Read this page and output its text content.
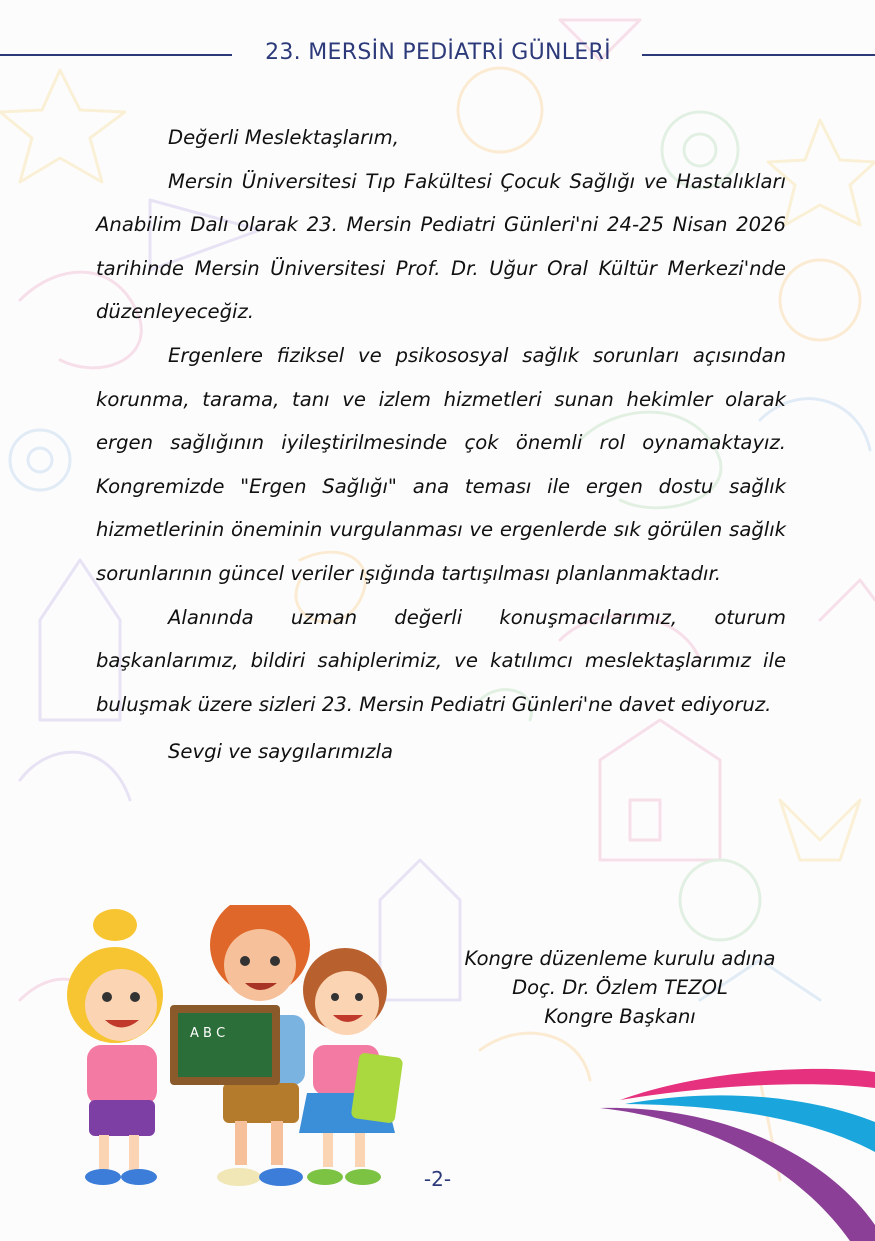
23. MERSİN PEDİATRİ GÜNLERİ

Değerli Meslektaşlarım,

Mersin Üniversitesi Tıp Fakültesi Çocuk Sağlığı ve Hastalıkları Anabilim Dalı olarak 23. Mersin Pediatri Günleri'ni 24-25 Nisan 2026 tarihinde Mersin Üniversitesi Prof. Dr. Uğur Oral Kültür Merkezi'nde düzenleyeceğiz.

Ergenlere fiziksel ve psikososyal sağlık sorunları açısından korunma, tarama, tanı ve izlem hizmetleri sunan hekimler olarak ergen sağlığının iyileştirilmesinde çok önemli rol oynamaktayız. Kongremizde "Ergen Sağlığı" ana teması ile ergen dostu sağlık hizmetlerinin öneminin vurgulanması ve ergenlerde sık görülen sağlık sorunlarının güncel veriler ışığında tartışılması planlanmaktadır.

Alanında uzman değerli konuşmacılarımız, oturum başkanlarımız, bildiri sahiplerimiz, ve katılımcı meslektaşlarımız ile buluşmak üzere sizleri 23. Mersin Pediatri Günleri'ne davet ediyoruz.

Sevgi ve saygılarımızla

A B C
Kongre düzenleme kurulu adına
Doç. Dr. Özlem TEZOL
Kongre Başkanı
-2-
